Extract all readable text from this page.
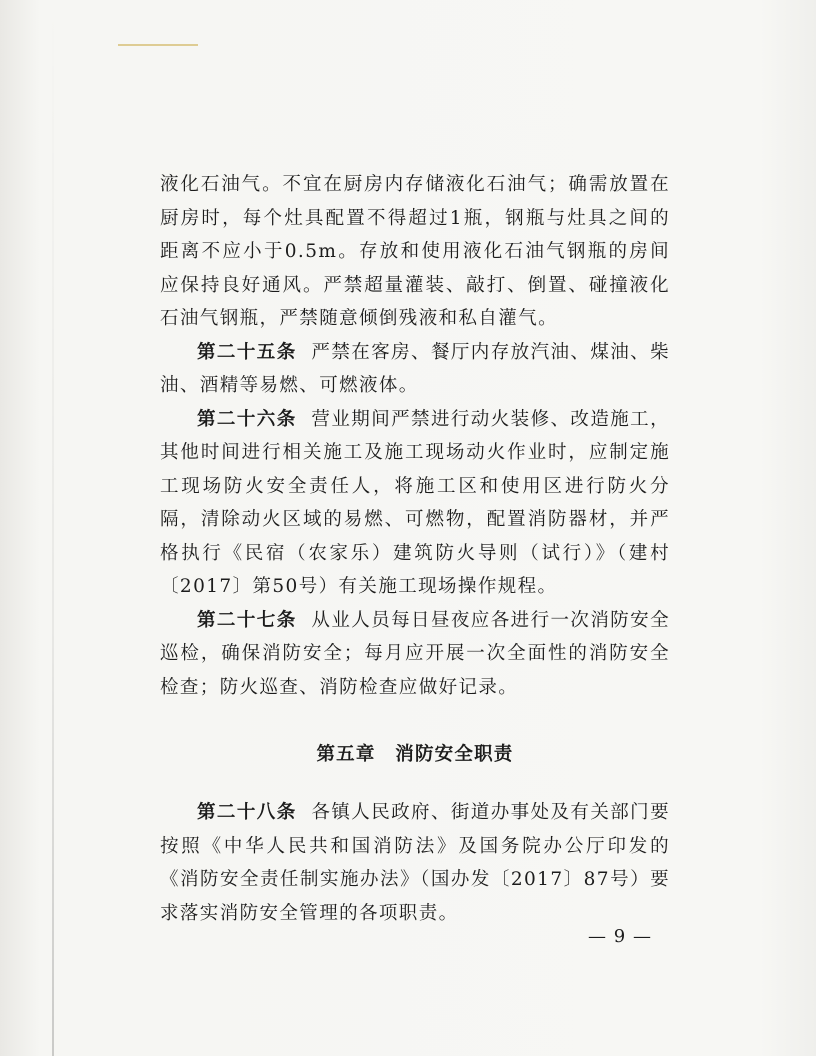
液化石油气。不宜在厨房内存储液化石油气；确需放置在厨房时，每个灶具配置不得超过1瓶，钢瓶与灶具之间的距离不应小于0.5m。存放和使用液化石油气钢瓶的房间应保持良好通风。严禁超量灌装、敲打、倒置、碰撞液化石油气钢瓶，严禁随意倾倒残液和私自灌气。

第二十五条 严禁在客房、餐厅内存放汽油、煤油、柴油、酒精等易燃、可燃液体。

第二十六条 营业期间严禁进行动火装修、改造施工，其他时间进行相关施工及施工现场动火作业时，应制定施工现场防火安全责任人，将施工区和使用区进行防火分隔，清除动火区域的易燃、可燃物，配置消防器材，并严格执行《民宿（农家乐）建筑防火导则（试行）》（建村〔2017〕第50号）有关施工现场操作规程。

第二十七条 从业人员每日昼夜应各进行一次消防安全巡检，确保消防安全；每月应开展一次全面性的消防安全检查；防火巡查、消防检查应做好记录。

第五章　消防安全职责

第二十八条 各镇人民政府、街道办事处及有关部门要按照《中华人民共和国消防法》及国务院办公厅印发的《消防安全责任制实施办法》（国办发〔2017〕87号）要求落实消防安全管理的各项职责。

— 9 —
